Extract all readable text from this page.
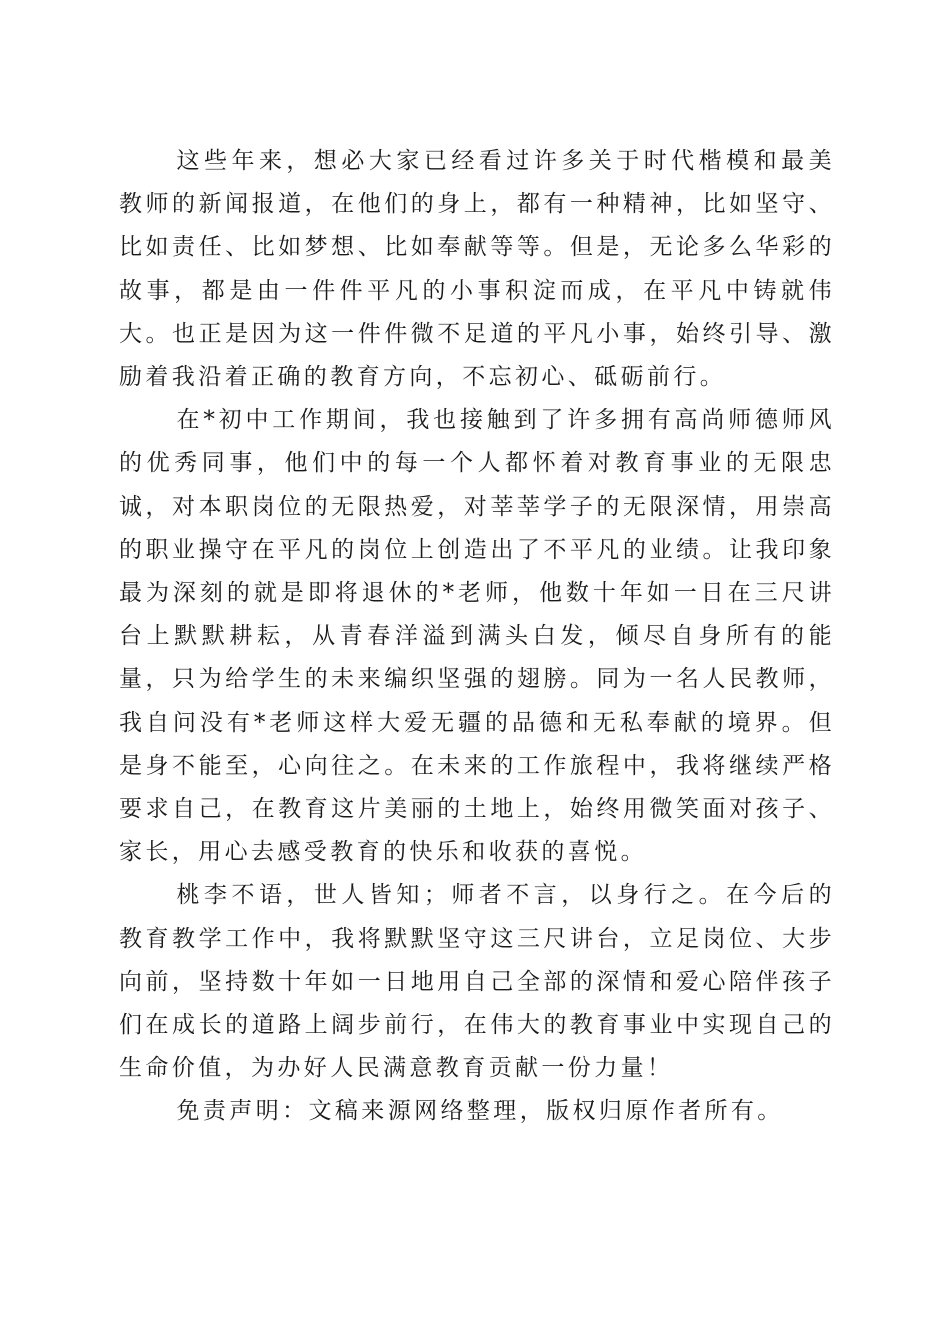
这些年来，想必大家已经看过许多关于时代楷模和最美教师的新闻报道，在他们的身上，都有一种精神，比如坚守、比如责任、比如梦想、比如奉献等等。但是，无论多么华彩的故事，都是由一件件平凡的小事积淀而成，在平凡中铸就伟大。也正是因为这一件件微不足道的平凡小事，始终引导、激励着我沿着正确的教育方向，不忘初心、砥砺前行。

在*初中工作期间，我也接触到了许多拥有高尚师德师风的优秀同事，他们中的每一个人都怀着对教育事业的无限忠诚，对本职岗位的无限热爱，对莘莘学子的无限深情，用崇高的职业操守在平凡的岗位上创造出了不平凡的业绩。让我印象最为深刻的就是即将退休的*老师，他数十年如一日在三尺讲台上默默耕耘，从青春洋溢到满头白发，倾尽自身所有的能量，只为给学生的未来编织坚强的翅膀。同为一名人民教师，我自问没有*老师这样大爱无疆的品德和无私奉献的境界。但是身不能至，心向往之。在未来的工作旅程中，我将继续严格要求自己，在教育这片美丽的土地上，始终用微笑面对孩子、家长，用心去感受教育的快乐和收获的喜悦。

桃李不语，世人皆知；师者不言，以身行之。在今后的教育教学工作中，我将默默坚守这三尺讲台，立足岗位、大步向前，坚持数十年如一日地用自己全部的深情和爱心陪伴孩子们在成长的道路上阔步前行，在伟大的教育事业中实现自己的生命价值，为办好人民满意教育贡献一份力量！

免责声明：文稿来源网络整理，版权归原作者所有。
